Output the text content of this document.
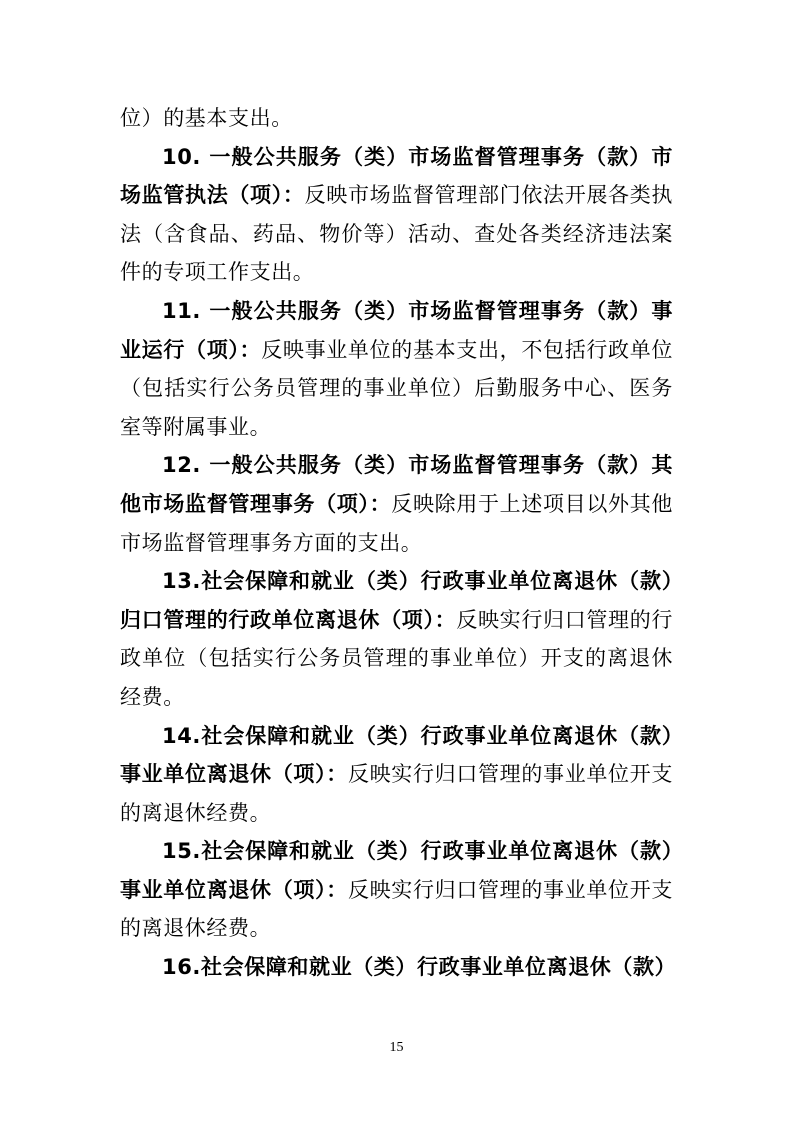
位）的基本支出。

10. 一般公共服务（类）市场监督管理事务（款）市场监管执法（项）：反映市场监督管理部门依法开展各类执法（含食品、药品、物价等）活动、查处各类经济违法案件的专项工作支出。

11. 一般公共服务（类）市场监督管理事务（款）事业运行（项）：反映事业单位的基本支出，不包括行政单位（包括实行公务员管理的事业单位）后勤服务中心、医务室等附属事业。

12. 一般公共服务（类）市场监督管理事务（款）其他市场监督管理事务（项）：反映除用于上述项目以外其他市场监督管理事务方面的支出。

13.社会保障和就业（类）行政事业单位离退休（款）归口管理的行政单位离退休（项）：反映实行归口管理的行政单位（包括实行公务员管理的事业单位）开支的离退休经费。

14.社会保障和就业（类）行政事业单位离退休（款）事业单位离退休（项）：反映实行归口管理的事业单位开支的离退休经费。

15.社会保障和就业（类）行政事业单位离退休（款）事业单位离退休（项）：反映实行归口管理的事业单位开支的离退休经费。

16.社会保障和就业（类）行政事业单位离退休（款）

15
